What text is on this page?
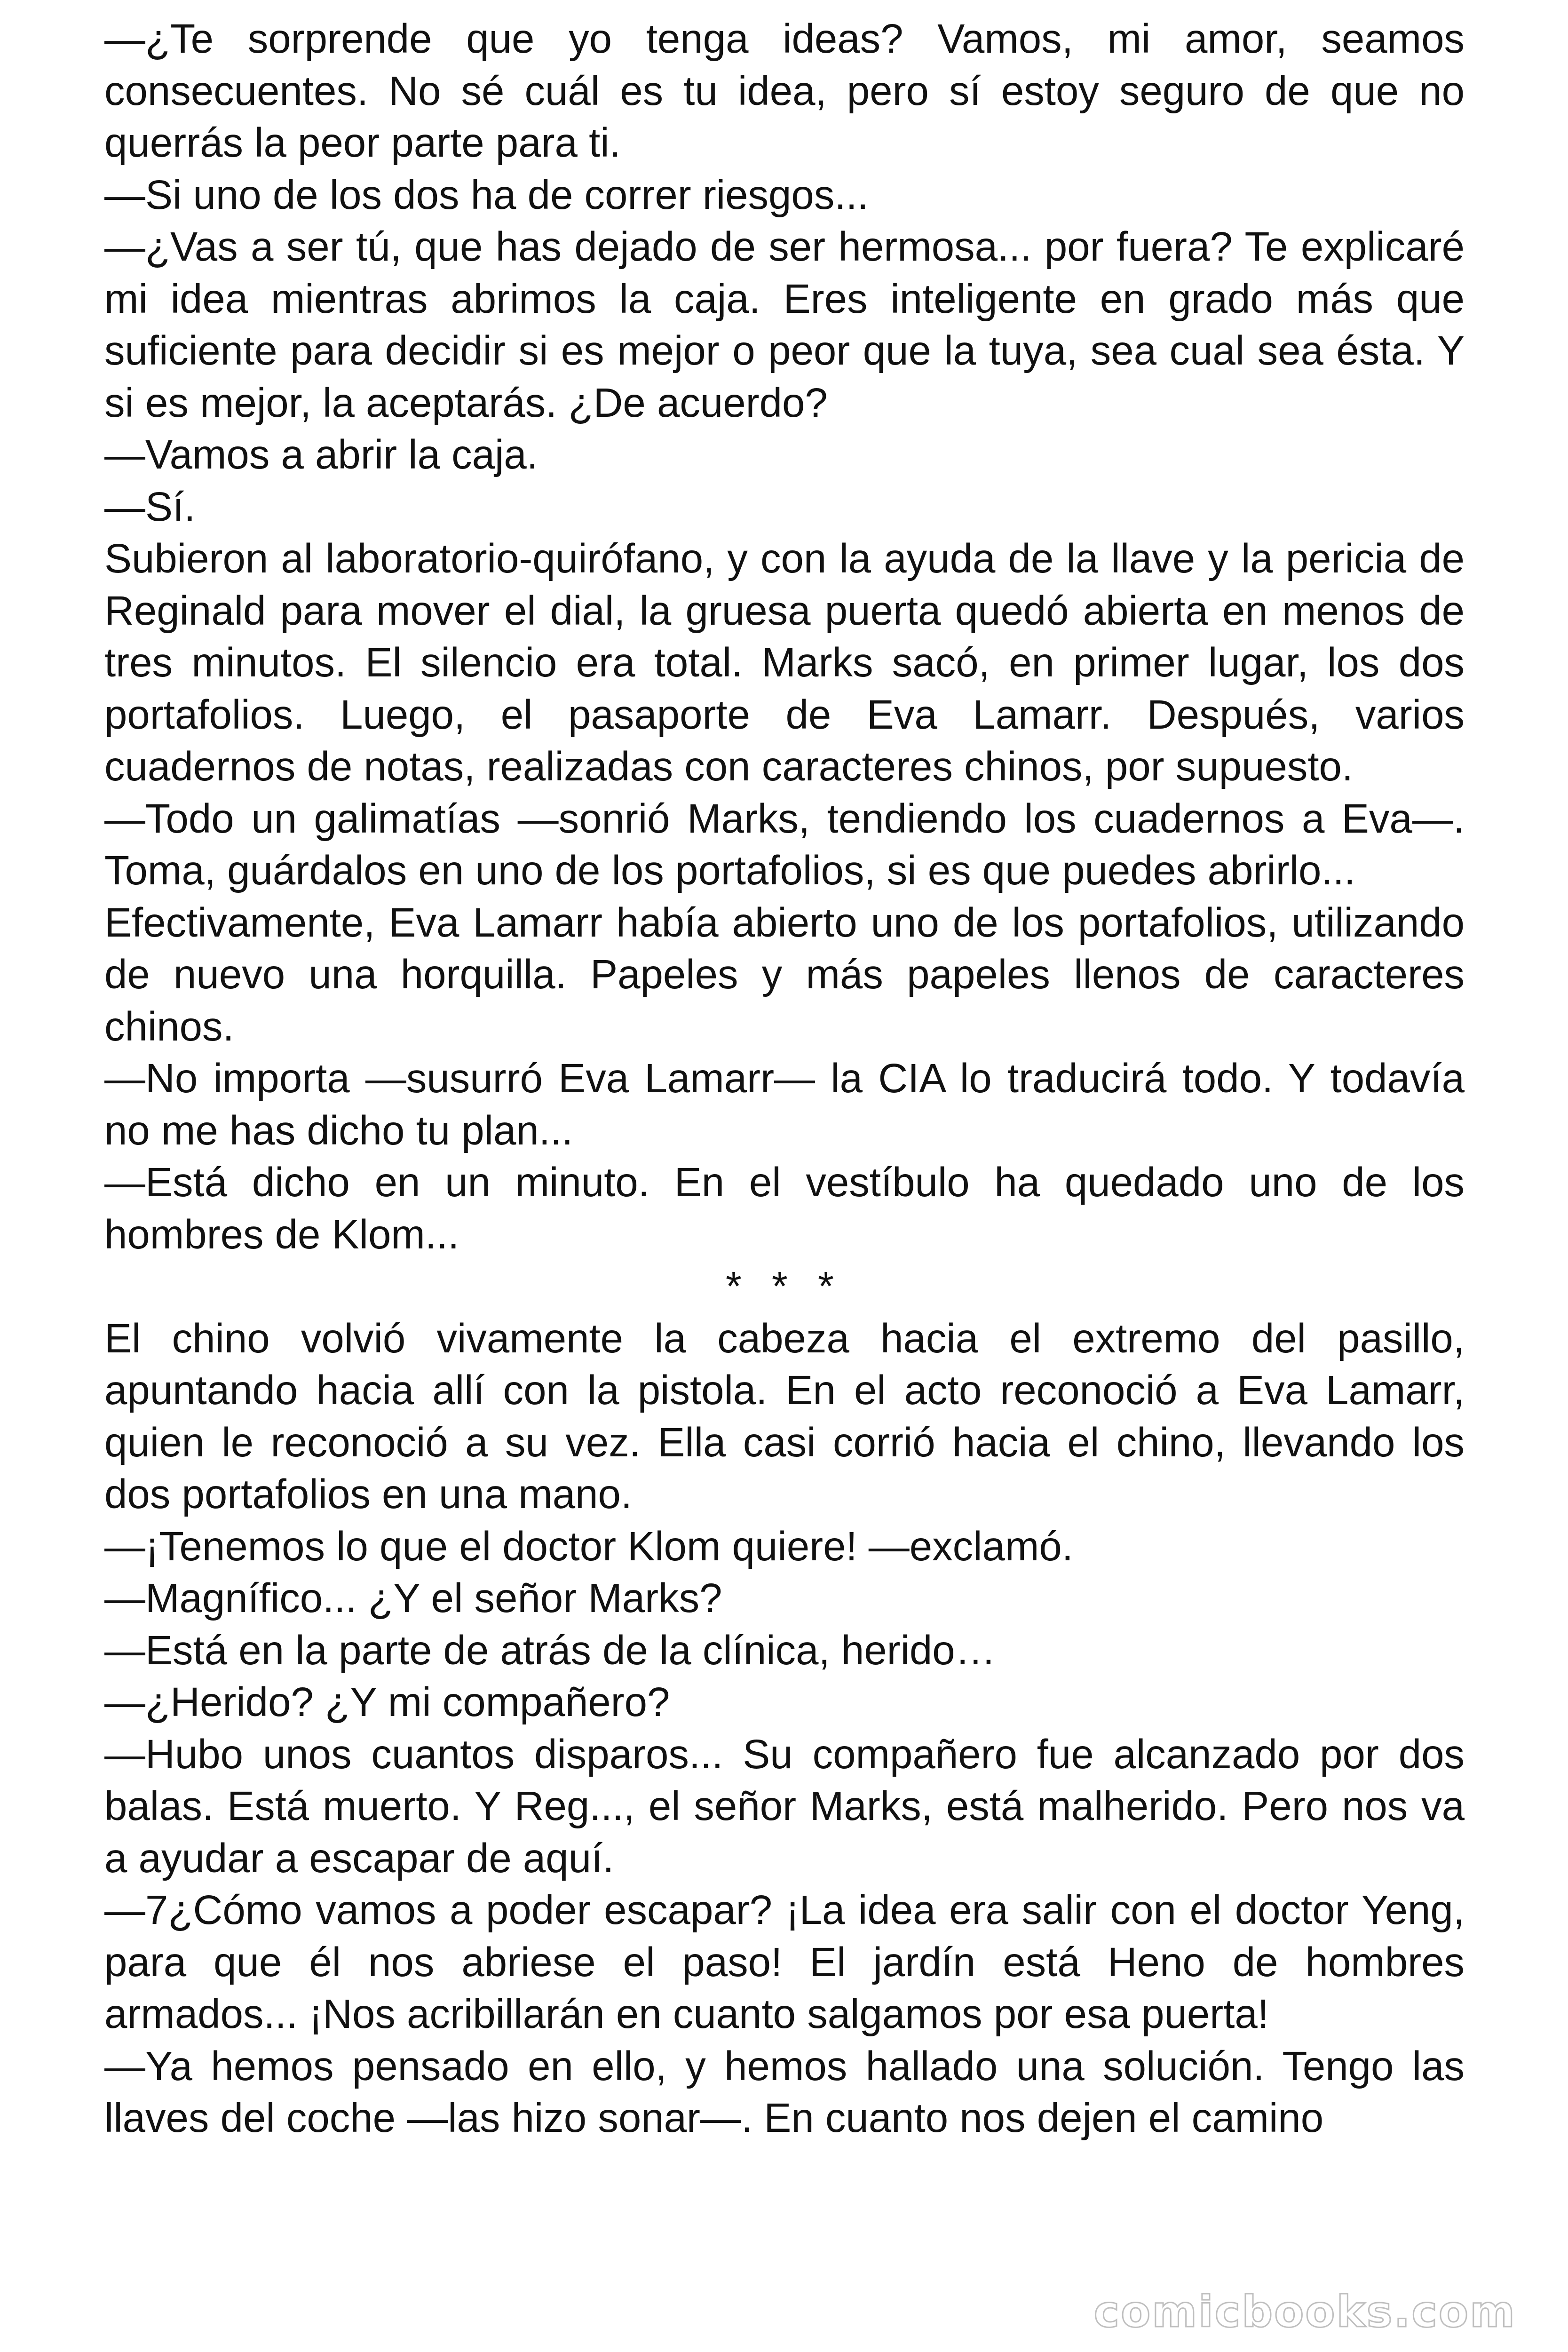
—¿Te sorprende que yo tenga ideas? Vamos, mi amor, seamos consecuentes. No sé cuál es tu idea, pero sí estoy seguro de que no querrás la peor parte para ti.

—Si uno de los dos ha de correr riesgos...

—¿Vas a ser tú, que has dejado de ser hermosa... por fuera? Te explicaré mi idea mientras abrimos la caja. Eres inteligente en grado más que suficiente para decidir si es mejor o peor que la tuya, sea cual sea ésta. Y si es mejor, la aceptarás. ¿De acuerdo?

—Vamos a abrir la caja.

—Sí.

Subieron al laboratorio-quirófano, y con la ayuda de la llave y la pericia de Reginald para mover el dial, la gruesa puerta quedó abierta en menos de tres minutos. El silencio era total. Marks sacó, en primer lugar, los dos portafolios. Luego, el pasaporte de Eva Lamarr. Después, varios cuadernos de notas, realizadas con caracteres chinos, por supuesto.

—Todo un galimatías —sonrió Marks, tendiendo los cuadernos a Eva—. Toma, guárdalos en uno de los portafolios, si es que puedes abrirlo...

Efectivamente, Eva Lamarr había abierto uno de los portafolios, utilizando de nuevo una horquilla. Papeles y más papeles llenos de caracteres chinos.

—No importa —susurró Eva Lamarr— la CIA lo traducirá todo. Y todavía no me has dicho tu plan...

—Está dicho en un minuto. En el vestíbulo ha quedado uno de los hombres de Klom...

* * *

El chino volvió vivamente la cabeza hacia el extremo del pasillo, apuntando hacia allí con la pistola. En el acto reconoció a Eva Lamarr, quien le reconoció a su vez. Ella casi corrió hacia el chino, llevando los dos portafolios en una mano.

—¡Tenemos lo que el doctor Klom quiere! —exclamó.

—Magnífico... ¿Y el señor Marks?

—Está en la parte de atrás de la clínica, herido…

—¿Herido? ¿Y mi compañero?

—Hubo unos cuantos disparos... Su compañero fue alcanzado por dos balas. Está muerto. Y Reg..., el señor Marks, está malherido. Pero nos va a ayudar a escapar de aquí.

—7¿Cómo vamos a poder escapar? ¡La idea era salir con el doctor Yeng, para que él nos abriese el paso! El jardín está Heno de hombres armados... ¡Nos acribillarán en cuanto salgamos por esa puerta!

—Ya hemos pensado en ello, y hemos hallado una solución. Tengo las llaves del coche —las hizo sonar—. En cuanto nos dejen el camino

comicbooks.com
